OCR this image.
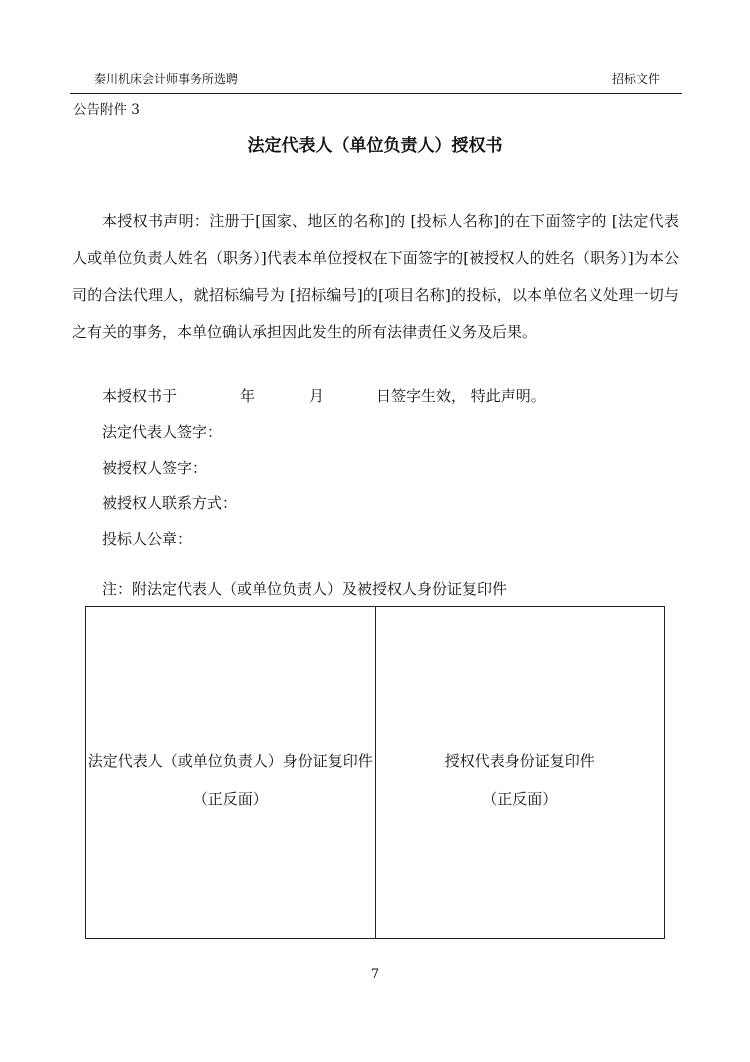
秦川机床会计师事务所选聘	招标文件
公告附件 3
法定代表人（单位负责人）授权书
本授权书声明：注册于[国家、地区的名称]的 [投标人名称]的在下面签字的 [法定代表人或单位负责人姓名（职务）]代表本单位授权在下面签字的[被授权人的姓名（职务）]为本公司的合法代理人，就招标编号为 [招标编号]的[项目名称]的投标，以本单位名义处理一切与之有关的事务，本单位确认承担因此发生的所有法律责任义务及后果。
本授权书于	年	月	日签字生效， 特此声明。
法定代表人签字：
被授权人签字：
被授权人联系方式：
投标人公章：
注：附法定代表人（或单位负责人）及被授权人身份证复印件
法定代表人（或单位负责人）身份证复印件
（正反面）
授权代表身份证复印件
（正反面）
7
